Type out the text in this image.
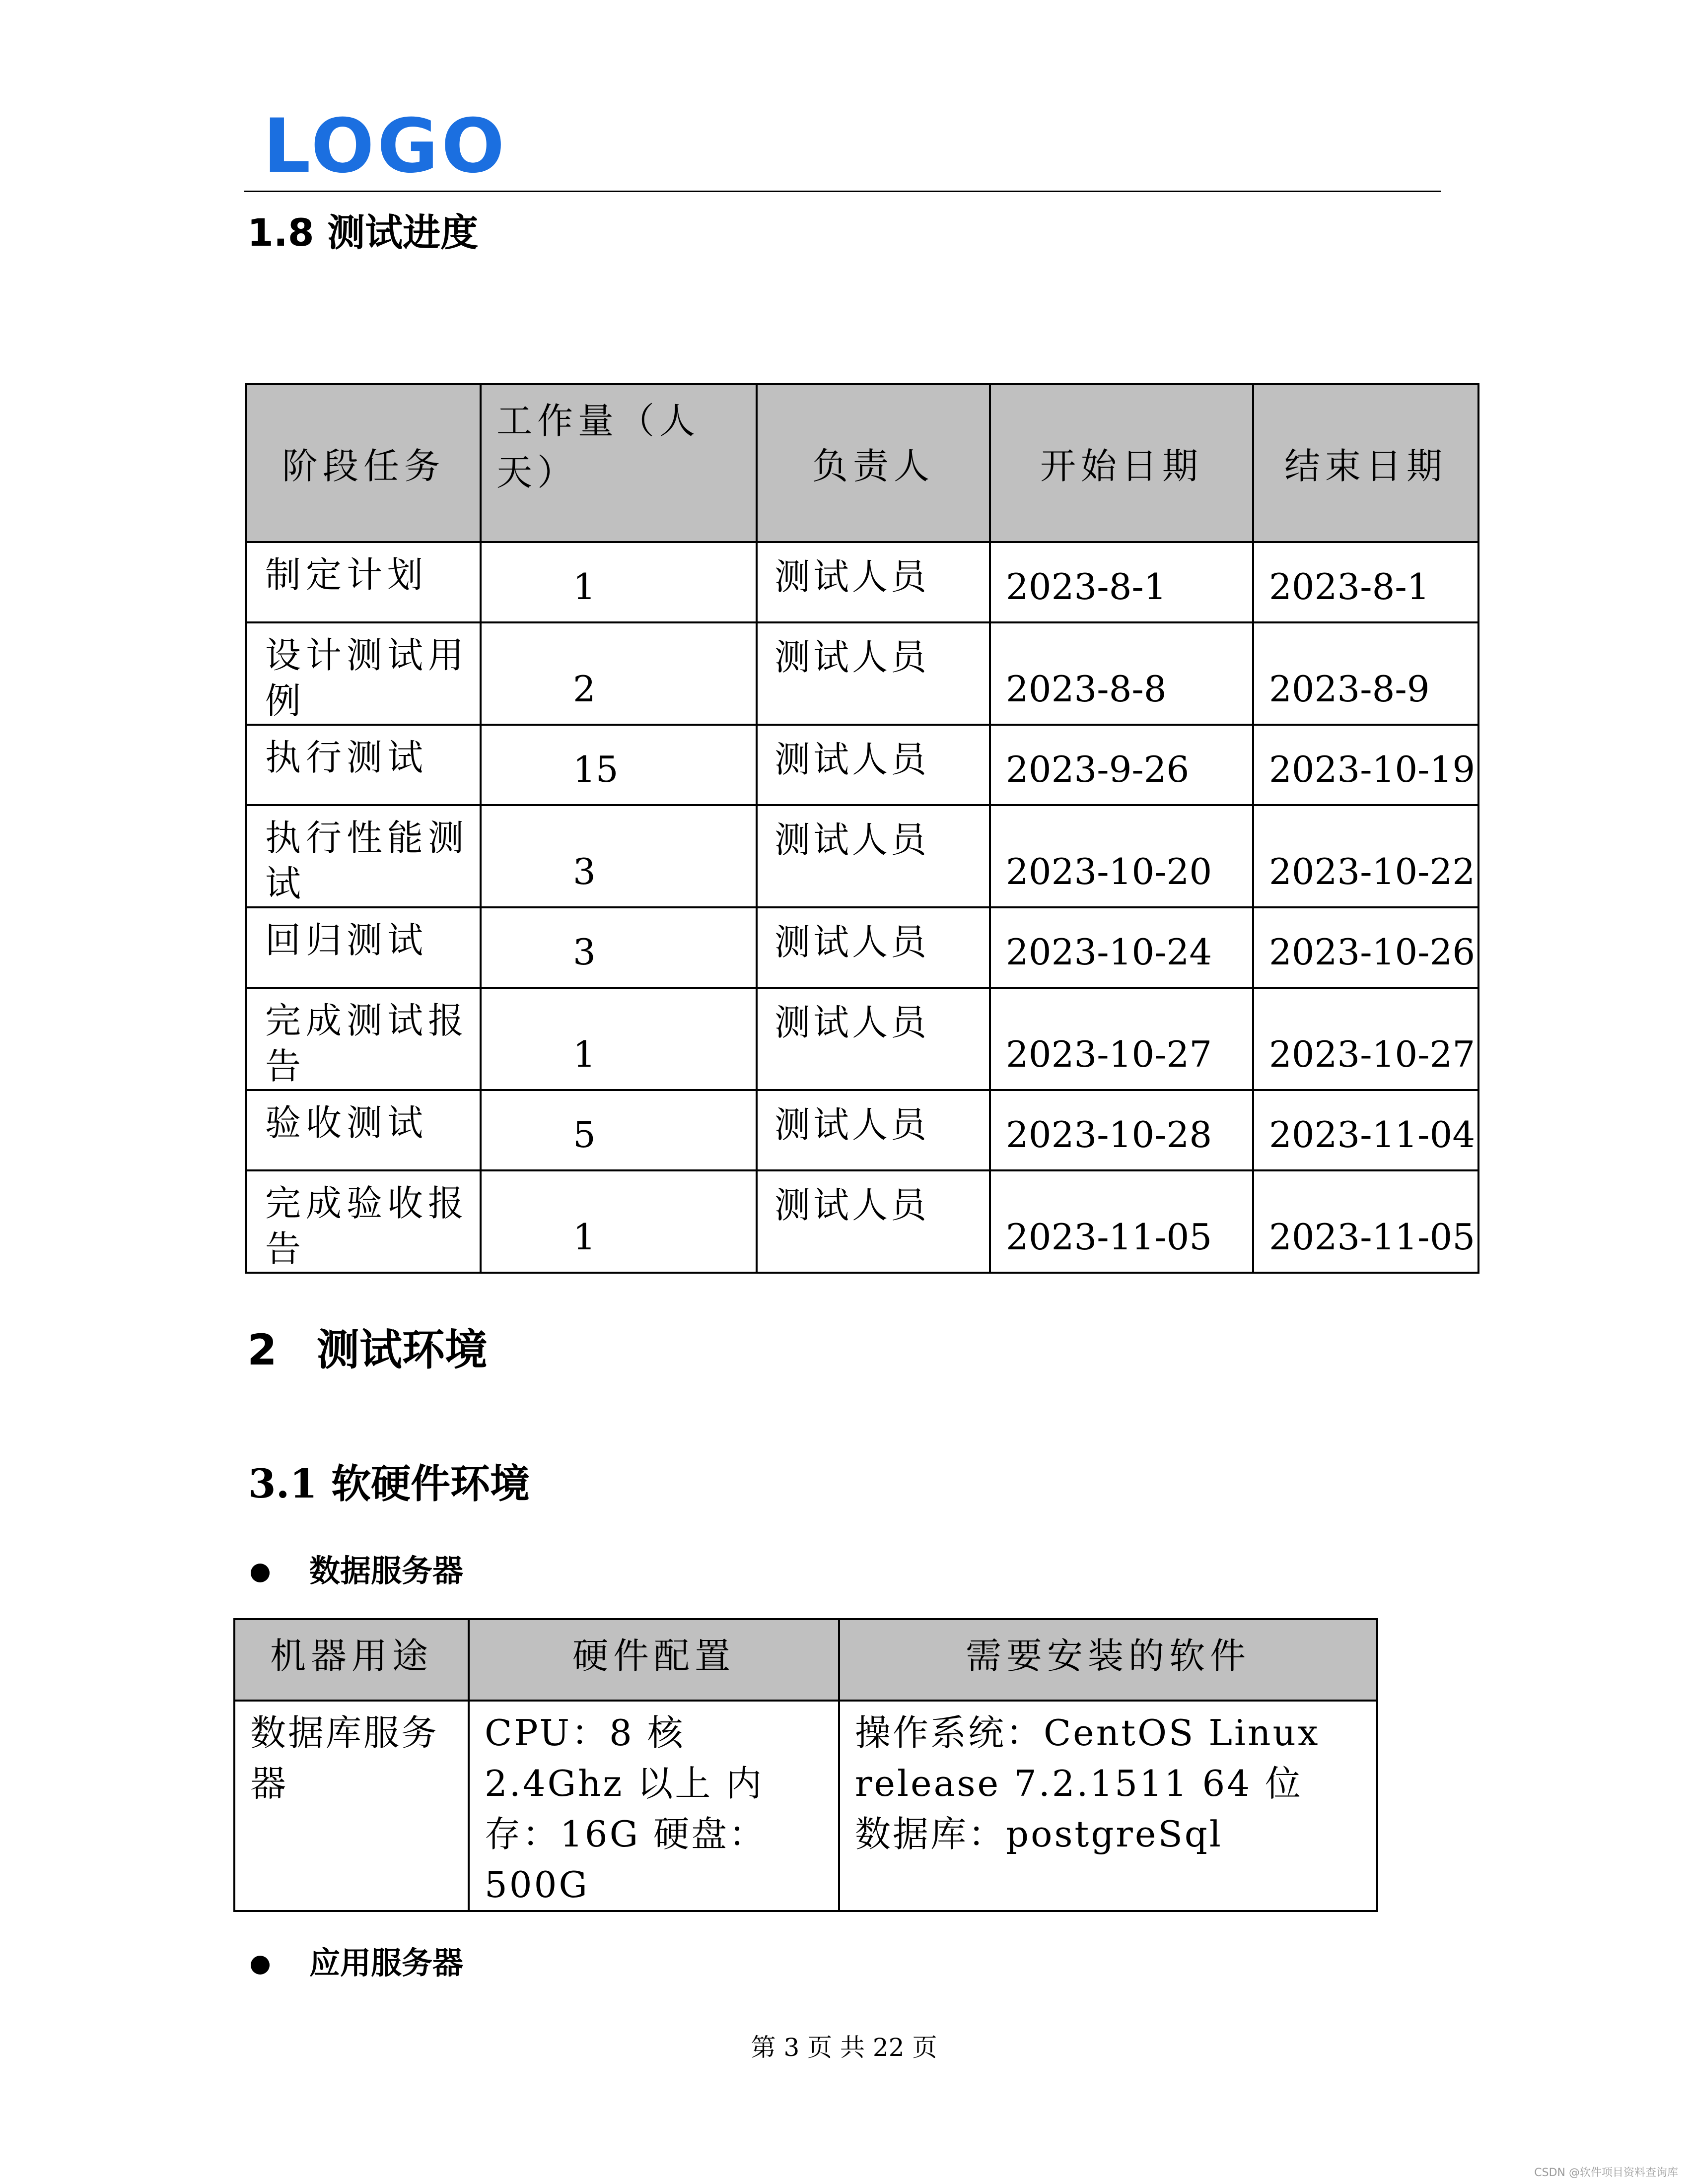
LOGO
1.8 测试进度
阶段任务	工作量（人天）	负责人	开始日期	结束日期

制定计划	1	测试人员	2023-8-1	2023-8-1

设计测试用例	2	测试人员	2023-8-8	2023-8-9

执行测试	15	测试人员	2023-9-26	2023-10-19

执行性能测试	3	测试人员	2023-10-20	2023-10-22

回归测试	3	测试人员	2023-10-24	2023-10-26

完成测试报告	1	测试人员	2023-10-27	2023-10-27

验收测试	5	测试人员	2023-10-28	2023-11-04

完成验收报告	1	测试人员	2023-11-05	2023-11-05
2 测试环境
3.1 软硬件环境
数据服务器
机器用途	硬件配置	需要安装的软件
数据库服务器	CPU：8 核 2.4Ghz 以上 内存：16G 硬盘：500G	操作系统：CentOS Linux release 7.2.1511 64 位
数据库：postgreSql
应用服务器
第 3 页 共 22 页
CSDN @软件项目资料查询库
